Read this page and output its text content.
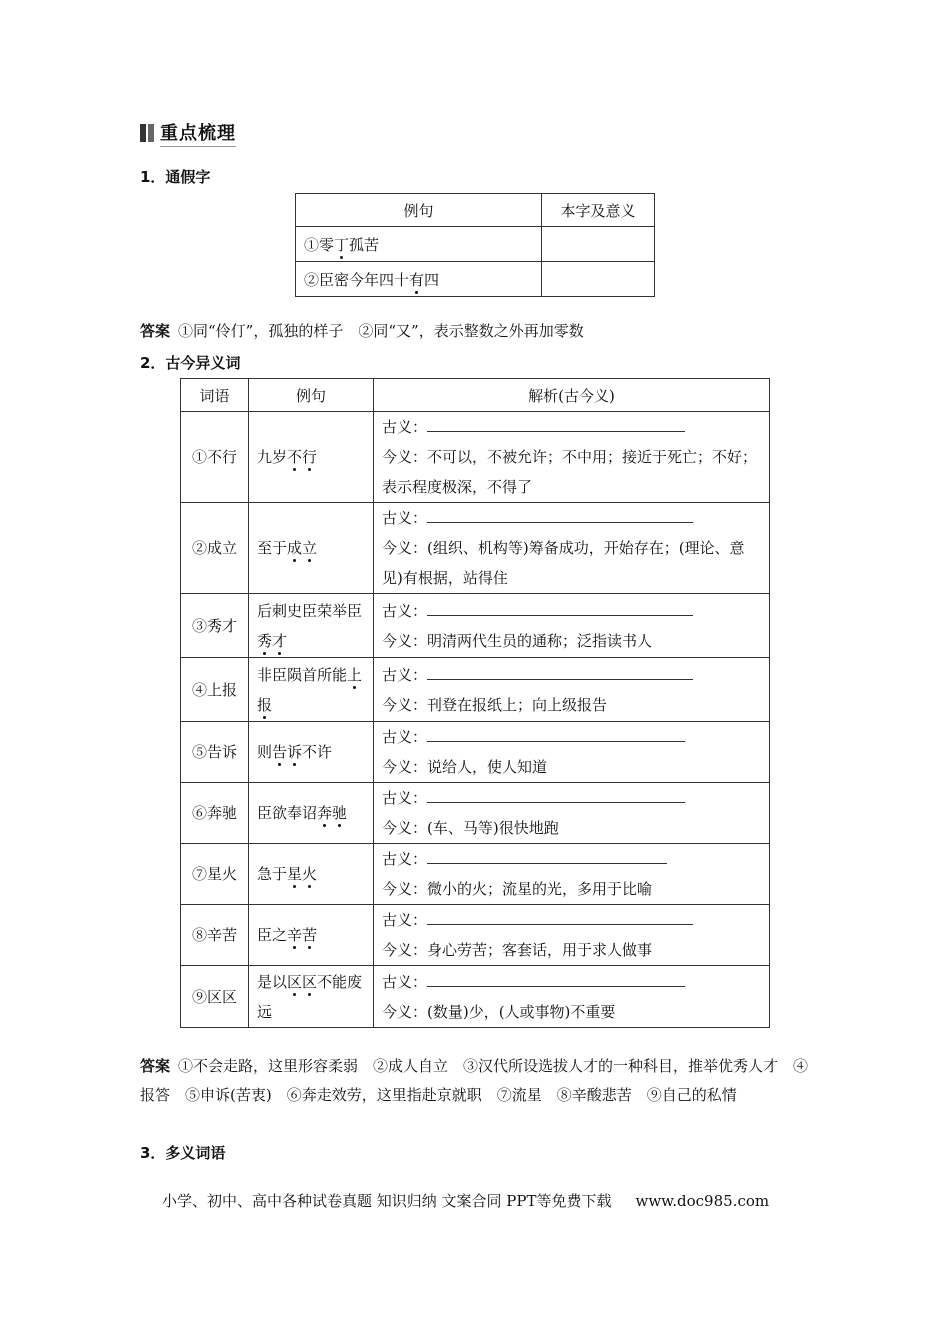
重点梳理
1．通假字
例句	本字及意义
①零丁孤苦	
②臣密今年四十有四	
答案 ①同“伶仃”，孤独的样子　②同“又”，表示整数之外再加零数
2．古今异义词
词语	例句	解析(古今义)
①不行	九岁不行	古义：
今义：不可以，不被允许；不中用；接近于死亡；不好；表示程度极深，不得了

②成立	至于成立	古义：
今义：(组织、机构等)筹备成功，开始存在；(理论、意见)有根据，站得住

③秀才	后刺史臣荣举臣秀才	古义：
今义：明清两代生员的通称；泛指读书人

④上报	非臣陨首所能上报	古义：
今义：刊登在报纸上；向上级报告

⑤告诉	则告诉不许	古义：
今义：说给人，使人知道

⑥奔驰	臣欲奉诏奔驰	古义：
今义：(车、马等)很快地跑

⑦星火	急于星火	古义：
今义：微小的火；流星的光，多用于比喻

⑧辛苦	臣之辛苦	古义：
今义：身心劳苦；客套话，用于求人做事

⑨区区	是以区区不能废远	古义：
今义：(数量)少，(人或事物)不重要
答案 ①不会走路，这里形容柔弱　②成人自立　③汉代所设选拔人才的一种科目，推举优秀人才　④报答　⑤申诉(苦衷)　⑥奔走效劳，这里指赴京就职　⑦流星　⑧辛酸悲苦　⑨自己的私情
3．多义词语
小学、初中、高中各种试卷真题 知识归纳 文案合同 PPT等免费下载 www.doc985.com
